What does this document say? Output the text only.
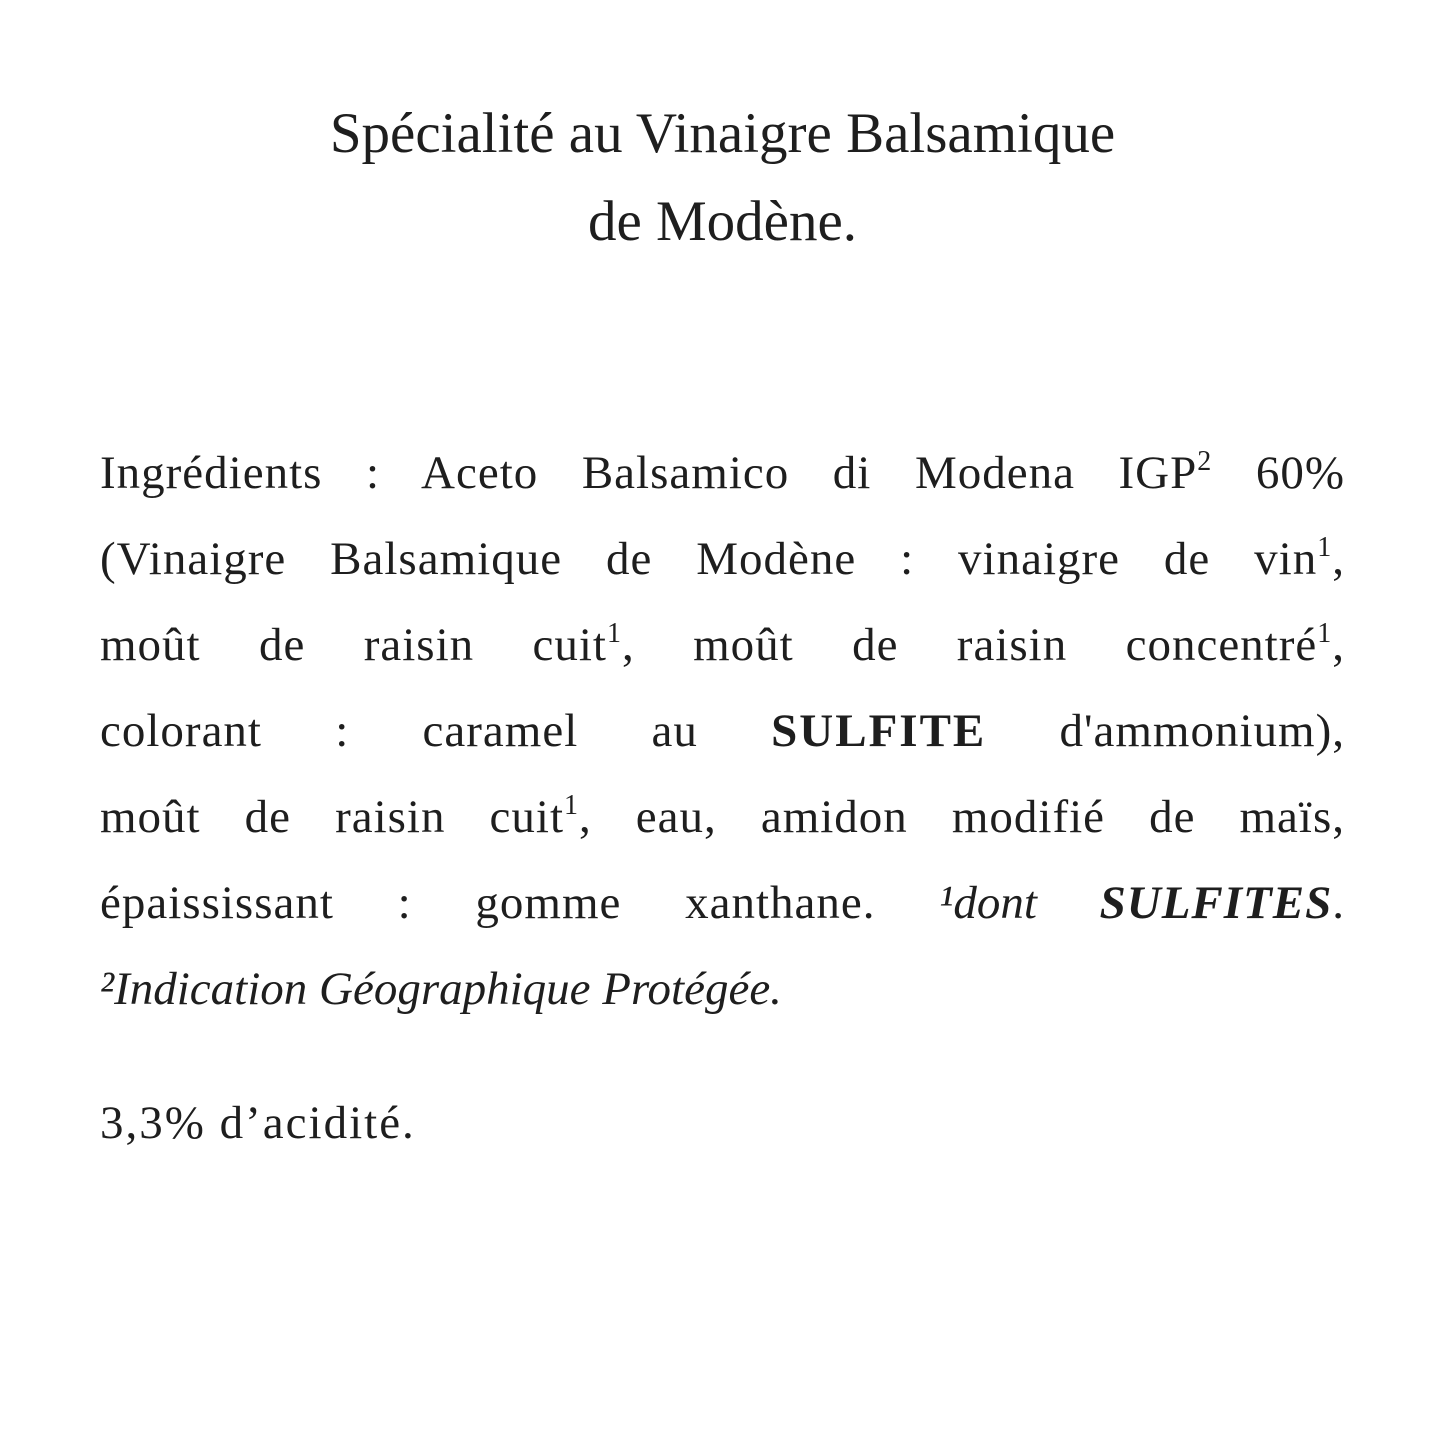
Spécialité au Vinaigre Balsamique
de Modène.
Ingrédients : Aceto Balsamico di Modena IGP$^2$ 60%
(Vinaigre Balsamique de Modène : vinaigre de vin$^1$,
moût de raisin cuit$^1$, moût de raisin concentré$^1$,
colorant : caramel au SULFITE d'ammonium),
moût de raisin cuit$^1$, eau, amidon modifié de maïs,
épaississant : gomme xanthane. ¹dont SULFITES.
²Indication Géographique Protégée.

3,3% d’acidité.
